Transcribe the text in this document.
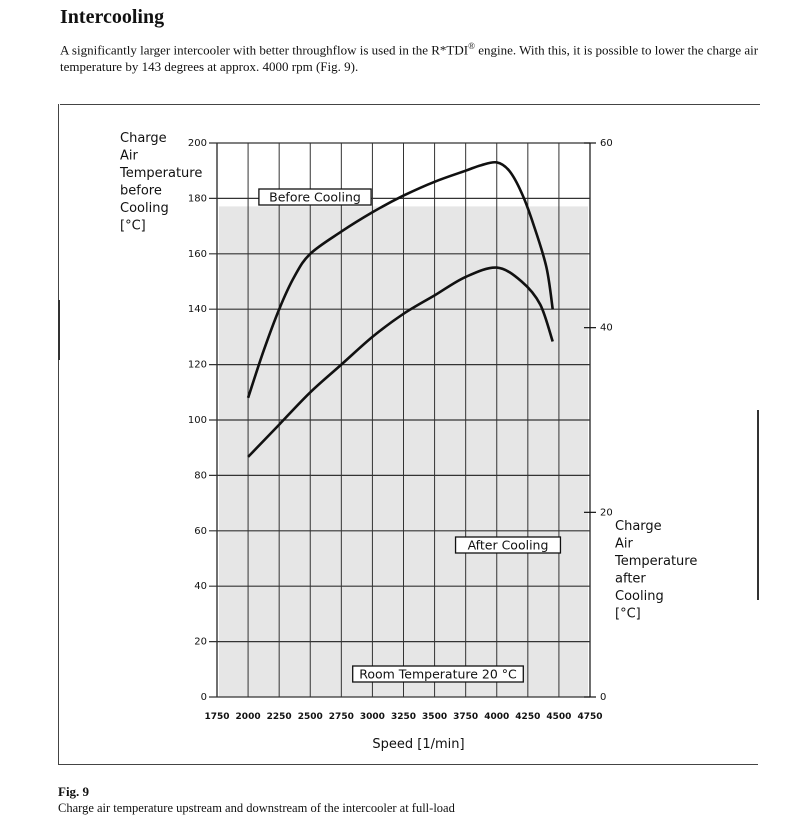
Intercooling
A significantly larger intercooler with better throughflow is used in the R*TDI® engine. With this, it is possible to lower the charge air temperature by 143 degrees at approx. 4000 rpm (Fig. 9).
0
20
40
60
80
100
120
140
160
180
200
0
20
40
60
1750 2000 2250 2500 2750 3000 3250 3500 3750 4000 4250 4500 4750
Speed [1/min]
Charge
Air
Temperature
before
Cooling
[°C]
Charge
Air
Temperature
after
Cooling
[°C]
Before Cooling
After Cooling
Room Temperature 20 °C
Fig. 9
Charge air temperature upstream and downstream of the intercooler at full-load
